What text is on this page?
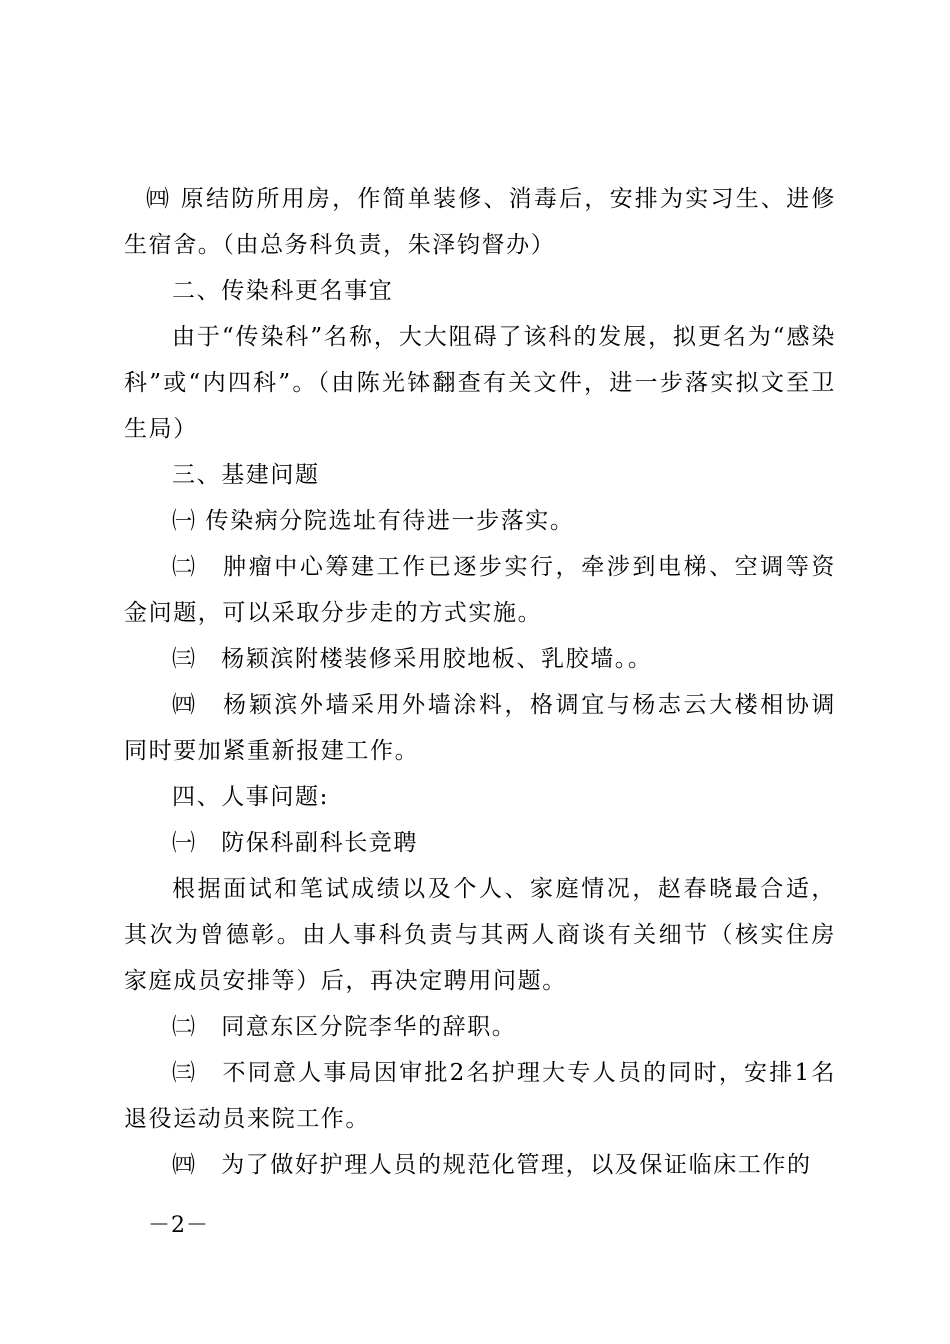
㈣ 原结防所用房，作简单装修、消毒后，安排为实习生、进修生宿舍。（由总务科负责，朱泽钧督办）

二、传染科更名事宜

由于“传染科”名称，大大阻碍了该科的发展，拟更名为“感染科”或“内四科”。（由陈光钵翻查有关文件，进一步落实拟文至卫生局）

三、基建问题

㈠ 传染病分院选址有待进一步落实。

㈡　肿瘤中心筹建工作已逐步实行，牵涉到电梯、空调等资金问题，可以采取分步走的方式实施。

㈢　杨颖滨附楼装修采用胶地板、乳胶墙。。

㈣　杨颖滨外墙采用外墙涂料，格调宜与杨志云大楼相协调同时要加紧重新报建工作。

四、人事问题:

㈠　防保科副科长竞聘

根据面试和笔试成绩以及个人、家庭情况，赵春晓最合适，其次为曾德彰。由人事科负责与其两人商谈有关细节（核实住房家庭成员安排等）后，再决定聘用问题。

㈡　同意东区分院李华的辞职。

㈢　不同意人事局因审批2名护理大专人员的同时，安排1名退役运动员来院工作。

㈣　为了做好护理人员的规范化管理，以及保证临床工作的

－2－
